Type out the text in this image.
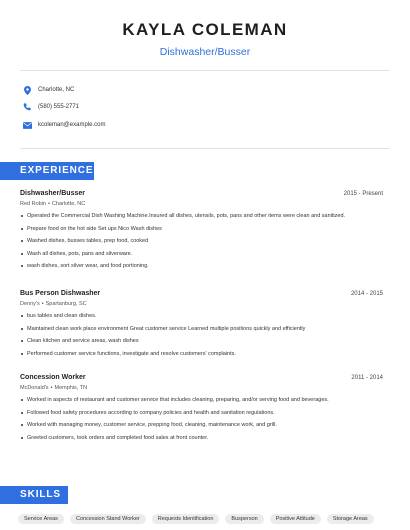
KAYLA COLEMAN
Dishwasher/Busser
Charlotte, NC
(580) 555-2771
kcoleman@example.com
EXPERIENCE
Dishwasher/Busser	2015 - Present
Red Robin • Charlotte, NC
Operated the Commercial Dish Washing Machine.Insured all dishes, utensils, pots, pans and other items were clean and sanitized.
Prepare food on the hot side Set ups Nico Wash dishes
Washed dishes, busses tables, prep food, cooked
Wash all dishes, pots, pans and silverware.
wash dishes, sort silver wear, and food portioning.
Bus Person Dishwasher	2014 - 2015
Denny's • Spartanburg, SC
bus tables and clean dishes.
Maintained clean work place environment Great customer service Learned multiple positions quickly and efficiently
Clean kitchen and service areas, wash dishes
Performed customer service functions, investigate and resolve customers' complaints.
Concession Worker	2011 - 2014
McDonald's • Memphis, TN
Worked in aspects of restaurant and customer service that includes cleaning, preparing, and/or serving food and beverages.
Followed food safety procedures according to company policies and health and sanitation regulations.
Worked with managing money, customer service, prepping food, cleaning, maintenance work, and grill.
Greeted customers, took orders and completed food sales at front counter.
SKILLS
Service Areas	Concession Stand Worker	Requests Identification	Busperson	Positive Attitude	Storage Areas
